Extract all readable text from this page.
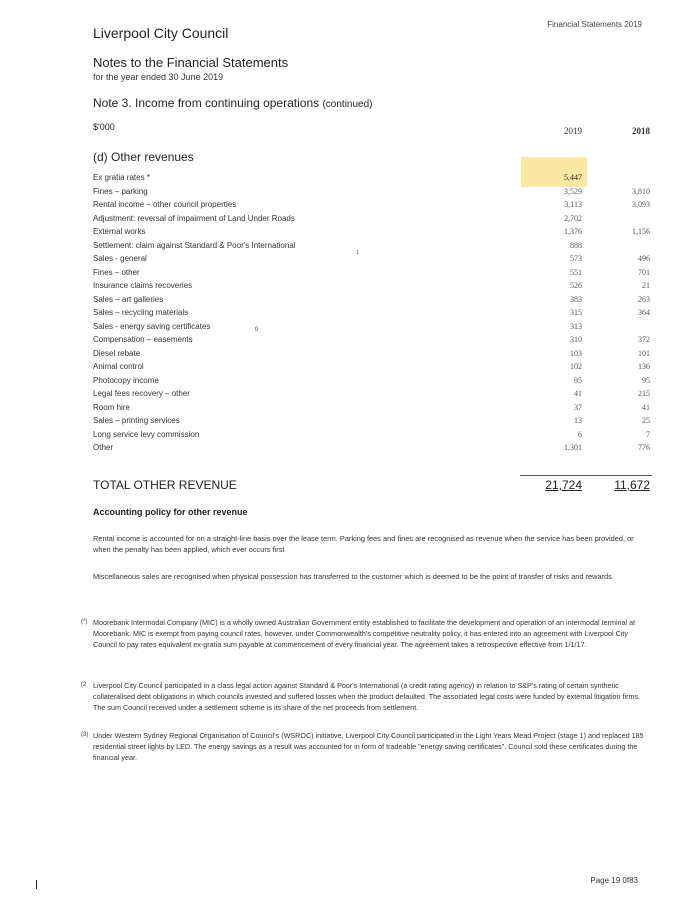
Liverpool City Council
Financial Statements 2019
Notes to the Financial Statements
for the year ended 30 June 2019
Note 3. Income from continuing operations (continued)
$'000	2019	2018
(d) Other revenues
Ex gratia rates *	5,447
Fines – parking	3,529	3,810
Rental income – other council properties	3,113	3,093
Adjustment: reversal of impairment of Land Under Roads	2,702
External works	1,376	1,156
Settlement: claim against Standard & Poor's International	888
Sales - general	573	496
Fines – other	551	701
Insurance claims recoveries	526	21
Sales – art galleries	383	263
Sales – recycling materials	315	364
Sales - energy saving certificates	313
Compensation – easements	310	372
Diesel rebate	103	101
Animal control	102	136
Photocopy income	95	95
Legal fees recovery – other	41	215
Room hire	37	41
Sales – printing services	13	25
Long service levy commission	6	7
Other	1,301	776
0
1
TOTAL OTHER REVENUE	21,724	11,672
Accounting policy for other revenue
Rental income is accounted for on a straight-line basis over the lease term. Parking fees and fines are recognised as revenue when the service has been provided, or when the penalty has been applied, which ever occurs first
Miscellaneous sales are recognised when physical possession has transferred to the customer which is deemed to be the point of transfer of risks and rewards.
(*) Moorebank Intermodal Company (MIC) is a wholly owned Australian Government entity established to facilitate the development and operation of an intermodal terminal at Moorebank. MIC is exempt from paying council rates, however, under Commonwealth's competitive neutrality policy, it has entered into an agreement with Liverpool City Council to pay rates equivalent ex-gratia sum payable at commencement of every financial year. The agreement takes a retrospective effective from 1/1/17.
(2 Liverpool City Council participated in a class legal action against Standard & Poor's International (a credit rating agency) in relation to S&P's rating of certain synthetic collateralised debt obligations in which councils invested and suffered losses when the product defaulted. The associated legal costs were funded by external litigation firms. The sum Council received under a settlement scheme is its share of the net proceeds from settlement.
(3) Under Western Sydney Regional Organisation of Council's (WSROC) initiative, Liverpool City Council participated in the Light Years Mead Project (stage 1) and replaced 185 residential street lights by LED. The energy savings as a result was accounted for in form of tradeable "energy saving certificates". Council sold these certificates during the financial year.
Page 19 0f83
